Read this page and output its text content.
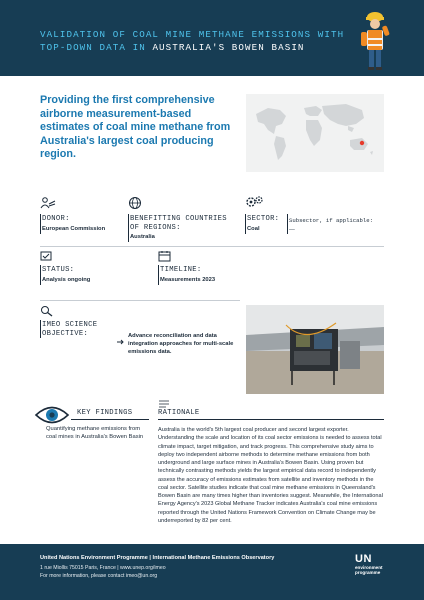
VALIDATION OF COAL MINE METHANE EMISSIONS WITH TOP-DOWN DATA IN AUSTRALIA'S BOWEN BASIN
Providing the first comprehensive airborne measurement-based estimates of coal mine methane from Australia's largest coal producing region.
DONOR:
European Commission
BENEFITTING COUNTRIES OF REGIONS:
Australia
SECTOR:
Coal
Subsector, if applicable:
—
STATUS:
Analysis ongoing
TIMELINE:
Measurements 2023
IMEO SCIENCE OBJECTIVE:	Advance reconciliation and data integration approaches for multi-scale emissions data.
KEY FINDINGS
Quantifying methane emissions from coal mines in Australia's Bowen Basin
RATIONALE
Australia is the world's 5th largest coal producer and second largest exporter. Understanding the scale and location of its coal sector emissions is needed to assess total climate impact, target mitigation, and track progress. This comprehensive study aims to deploy two independent airborne methods to determine methane emissions from both underground and large surface mines in Australia's Bowen Basin. Using proven but technically contrasting methods yields the largest empirical data record to independently assess the accuracy of emissions estimates from satellite and inventory methods in the coal sector. Satellite studies indicate that coal mine methane emissions in Queensland's Bowen Basin are many times higher than inventories suggest. Meanwhile, the International Energy Agency's 2023 Global Methane Tracker indicates Australia's coal mine emissions reported through the United Nations Framework Convention on Climate Change may be underreported by 82 per cent.
United Nations Environment Programme | International Methane Emissions Observatory
1 rue Miollis 75015 Paris, France | www.unep.org/imeo
For more information, please contact imeo@un.org
UN
environment
programme
